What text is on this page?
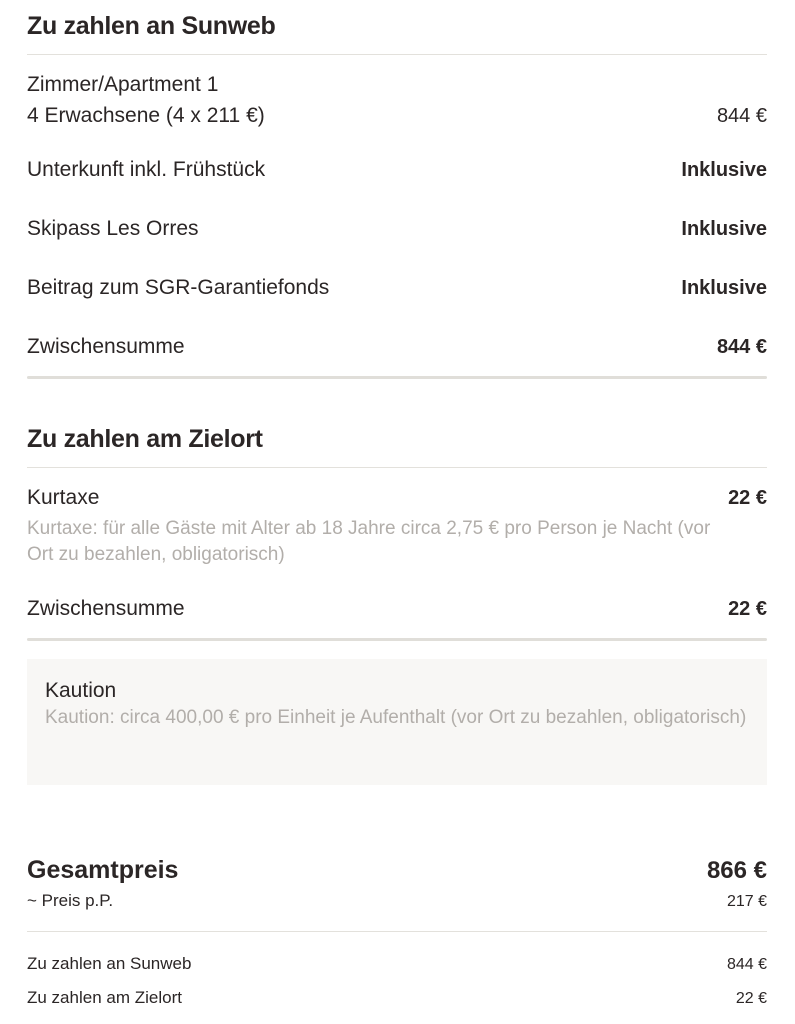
Zu zahlen an Sunweb
Zimmer/Apartment 1
4 Erwachsene (4 x 211 €)	844 €
Unterkunft inkl. Frühstück	Inklusive
Skipass Les Orres	Inklusive
Beitrag zum SGR-Garantiefonds	Inklusive
Zwischensumme	844 €
Zu zahlen am Zielort
Kurtaxe	22 €
Kurtaxe: für alle Gäste mit Alter ab 18 Jahre circa 2,75 € pro Person je Nacht (vor Ort zu bezahlen, obligatorisch)
Zwischensumme	22 €
Kaution
Kaution: circa 400,00 € pro Einheit je Aufenthalt (vor Ort zu bezahlen, obligatorisch)
Gesamtpreis	866 €
~ Preis p.P.	217 €
Zu zahlen an Sunweb	844 €
Zu zahlen am Zielort	22 €
